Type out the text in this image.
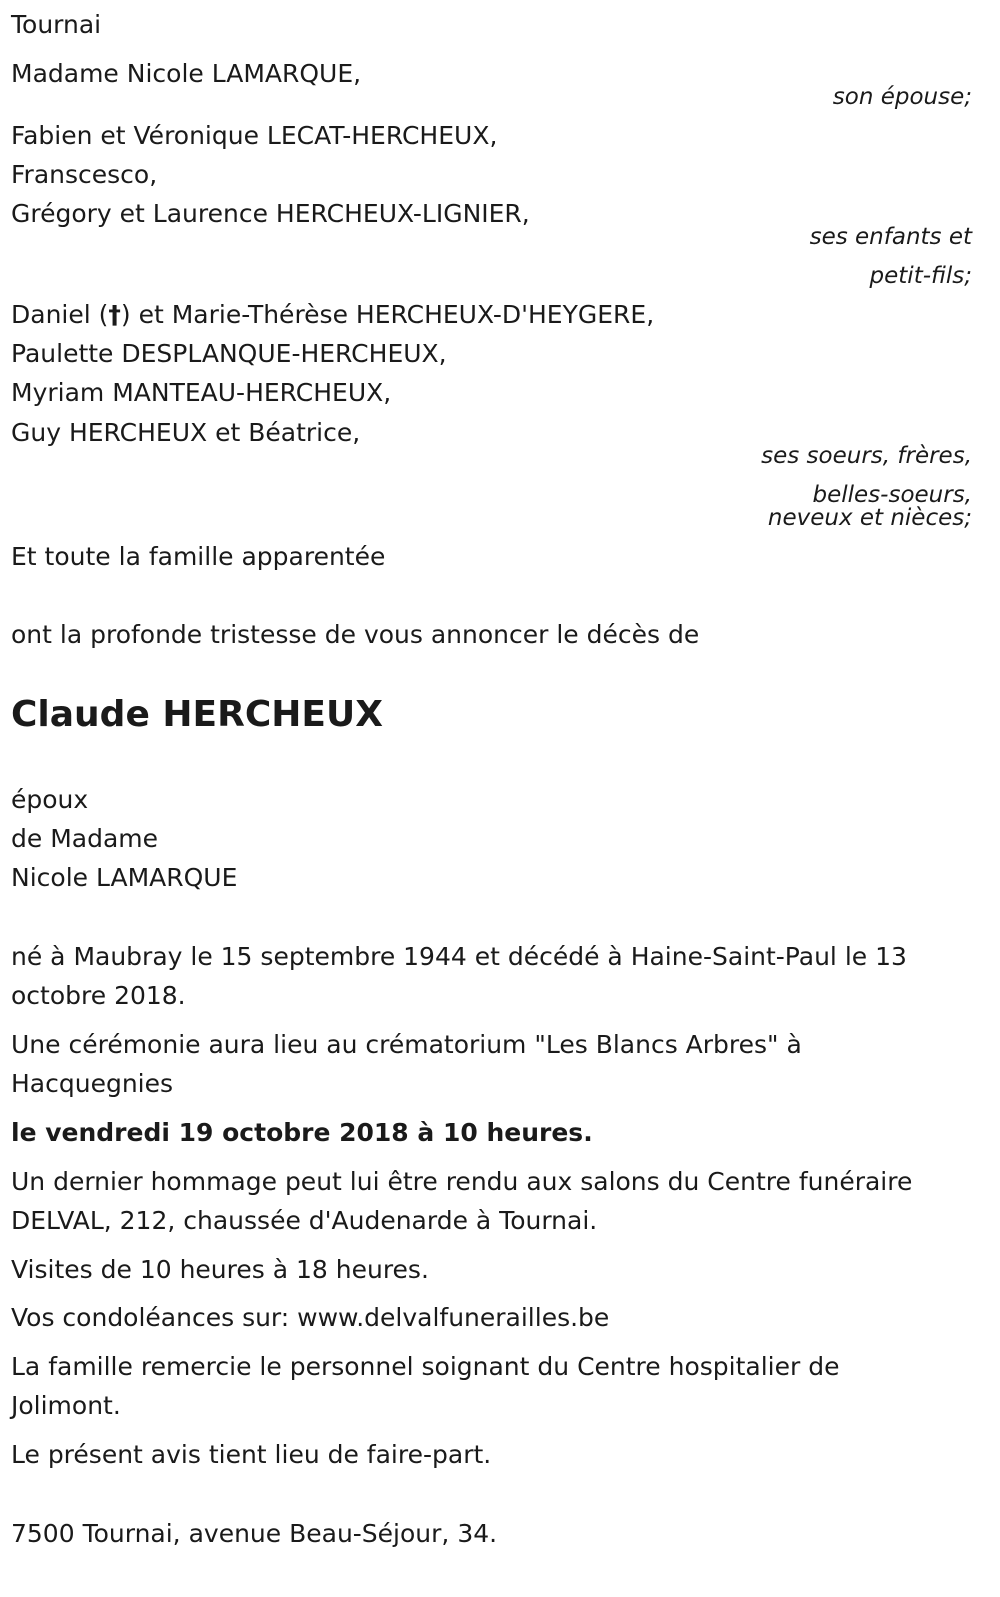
Tournai

Madame Nicole LAMARQUE,

son épouse;

Fabien et Véronique LECAT-HERCHEUX,

Franscesco,

Grégory et Laurence HERCHEUX-LIGNIER,

ses enfants et

petit-fils;

Daniel (†) et Marie-Thérèse HERCHEUX-D'HEYGERE,

Paulette DESPLANQUE-HERCHEUX,

Myriam MANTEAU-HERCHEUX,

Guy HERCHEUX et Béatrice,

ses soeurs, frères,

belles-soeurs,

neveux et nièces;

Et toute la famille apparentée

ont la profonde tristesse de vous annoncer le décès de

Claude HERCHEUX

époux

de Madame

Nicole LAMARQUE

né à Maubray le 15 septembre 1944 et décédé à Haine-Saint-Paul le 13

octobre 2018.

Une cérémonie aura lieu au crématorium "Les Blancs Arbres" à

Hacquegnies

le vendredi 19 octobre 2018 à 10 heures.

Un dernier hommage peut lui être rendu aux salons du Centre funéraire

DELVAL, 212, chaussée d'Audenarde à Tournai.

Visites de 10 heures à 18 heures.

Vos condoléances sur: www.delvalfunerailles.be

La famille remercie le personnel soignant du Centre hospitalier de

Jolimont.

Le présent avis tient lieu de faire-part.

7500 Tournai, avenue Beau-Séjour, 34.
